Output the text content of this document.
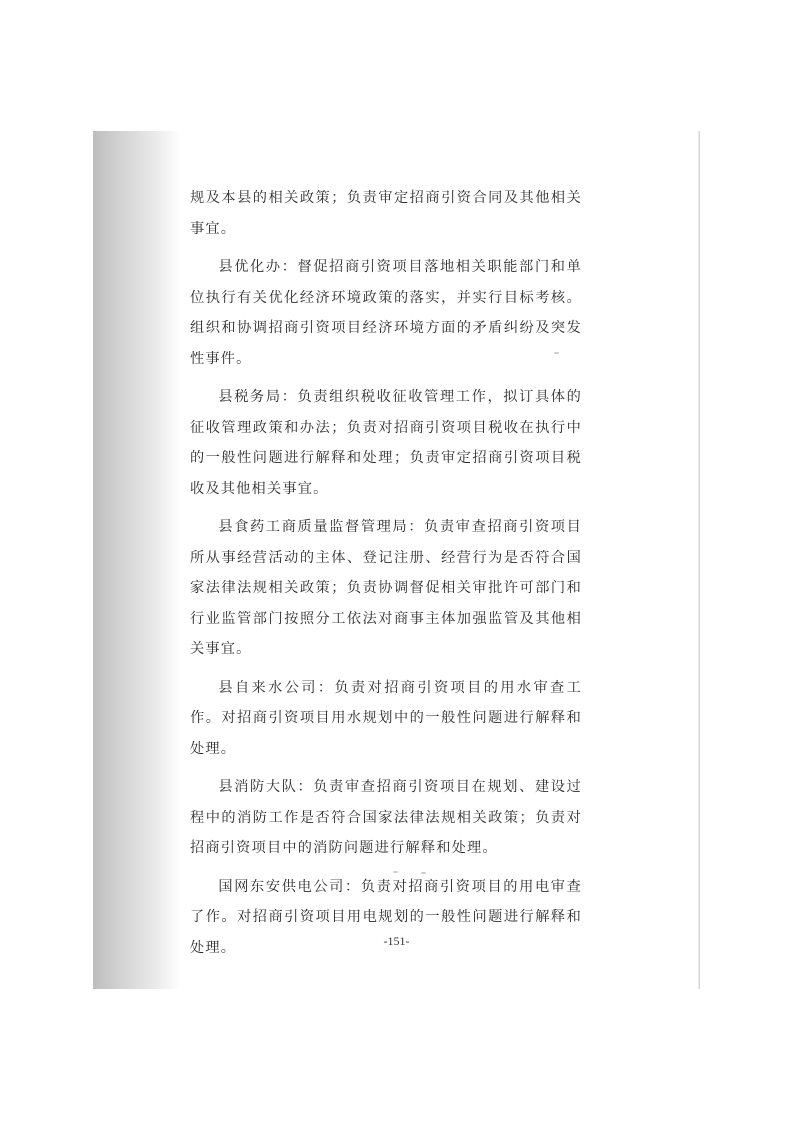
规及本县的相关政策；负责审定招商引资合同及其他相关事宜。

县优化办：督促招商引资项目落地相关职能部门和单位执行有关优化经济环境政策的落实，并实行目标考核。组织和协调招商引资项目经济环境方面的矛盾纠纷及突发性事件。

县税务局：负责组织税收征收管理工作，拟订具体的征收管理政策和办法；负责对招商引资项目税收在执行中的一般性问题进行解释和处理；负责审定招商引资项目税收及其他相关事宜。

县食药工商质量监督管理局：负责审查招商引资项目所从事经营活动的主体、登记注册、经营行为是否符合国家法律法规相关政策；负责协调督促相关审批许可部门和行业监管部门按照分工依法对商事主体加强监管及其他相关事宜。

县自来水公司：负责对招商引资项目的用水审查工作。对招商引资项目用水规划中的一般性问题进行解释和处理。

县消防大队：负责审查招商引资项目在规划、建设过程中的消防工作是否符合国家法律法规相关政策；负责对招商引资项目中的消防问题进行解释和处理。

国网东安供电公司：负责对招商引资项目的用电审查了作。对招商引资项目用电规划的一般性问题进行解释和处理。	-151-
